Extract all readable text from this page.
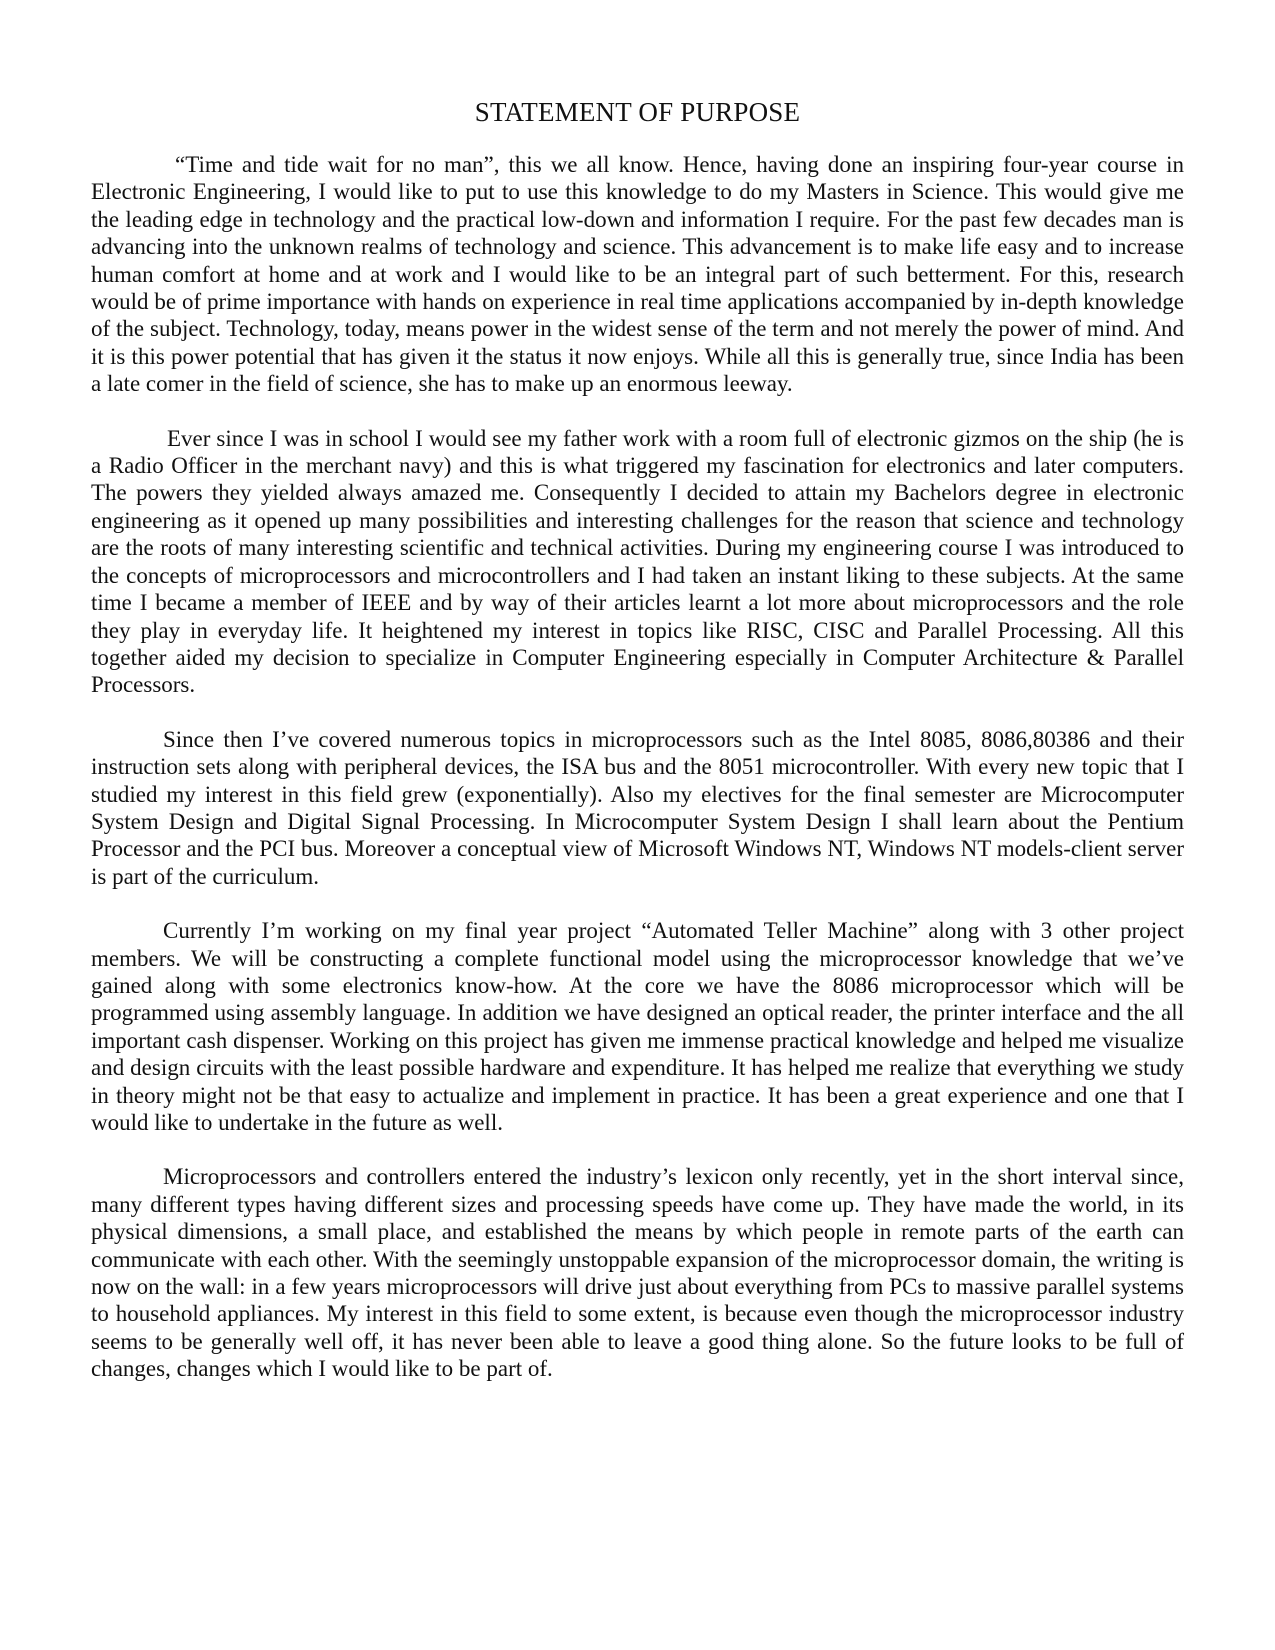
STATEMENT OF PURPOSE

“Time and tide wait for no man”, this we all know. Hence, having done an inspiring four-year course in Electronic Engineering, I would like to put to use this knowledge to do my Masters in Science. This would give me the leading edge in technology and the practical low-down and information I require. For the past few decades man is advancing into the unknown realms of technology and science. This advancement is to make life easy and to increase human comfort at home and at work and I would like to be an integral part of such betterment. For this, research would be of prime importance with hands on experience in real time applications accompanied by in-depth knowledge of the subject. Technology, today, means power in the widest sense of the term and not merely the power of mind. And it is this power potential that has given it the status it now enjoys. While all this is generally true, since India has been a late comer in the field of science, she has to make up an enormous leeway.

Ever since I was in school I would see my father work with a room full of electronic gizmos on the ship (he is a Radio Officer in the merchant navy) and this is what triggered my fascination for electronics and later computers. The powers they yielded always amazed me. Consequently I decided to attain my Bachelors degree in electronic engineering as it opened up many possibilities and interesting challenges for the reason that science and technology are the roots of many interesting scientific and technical activities. During my engineering course I was introduced to the concepts of microprocessors and microcontrollers and I had taken an instant liking to these subjects. At the same time I became a member of IEEE and by way of their articles learnt a lot more about microprocessors and the role they play in everyday life. It heightened my interest in topics like RISC, CISC and Parallel Processing. All this together aided my decision to specialize in Computer Engineering especially in Computer Architecture & Parallel Processors.

Since then I’ve covered numerous topics in microprocessors such as the Intel 8085, 8086,80386 and their instruction sets along with peripheral devices, the ISA bus and the 8051 microcontroller. With every new topic that I studied my interest in this field grew (exponentially). Also my electives for the final semester are Microcomputer System Design and Digital Signal Processing. In Microcomputer System Design I shall learn about the Pentium Processor and the PCI bus. Moreover a conceptual view of Microsoft Windows NT, Windows NT models-client server is part of the curriculum.

Currently I’m working on my final year project “Automated Teller Machine” along with 3 other project members. We will be constructing a complete functional model using the microprocessor knowledge that we’ve gained along with some electronics know-how. At the core we have the 8086 microprocessor which will be programmed using assembly language. In addition we have designed an optical reader, the printer interface and the all important cash dispenser. Working on this project has given me immense practical knowledge and helped me visualize and design circuits with the least possible hardware and expenditure. It has helped me realize that everything we study in theory might not be that easy to actualize and implement in practice. It has been a great experience and one that I would like to undertake in the future as well.

Microprocessors and controllers entered the industry’s lexicon only recently, yet in the short interval since, many different types having different sizes and processing speeds have come up. They have made the world, in its physical dimensions, a small place, and established the means by which people in remote parts of the earth can communicate with each other. With the seemingly unstoppable expansion of the microprocessor domain, the writing is now on the wall: in a few years microprocessors will drive just about everything from PCs to massive parallel systems to household appliances. My interest in this field to some extent, is because even though the microprocessor industry seems to be generally well off, it has never been able to leave a good thing alone. So the future looks to be full of changes, changes which I would like to be part of.
